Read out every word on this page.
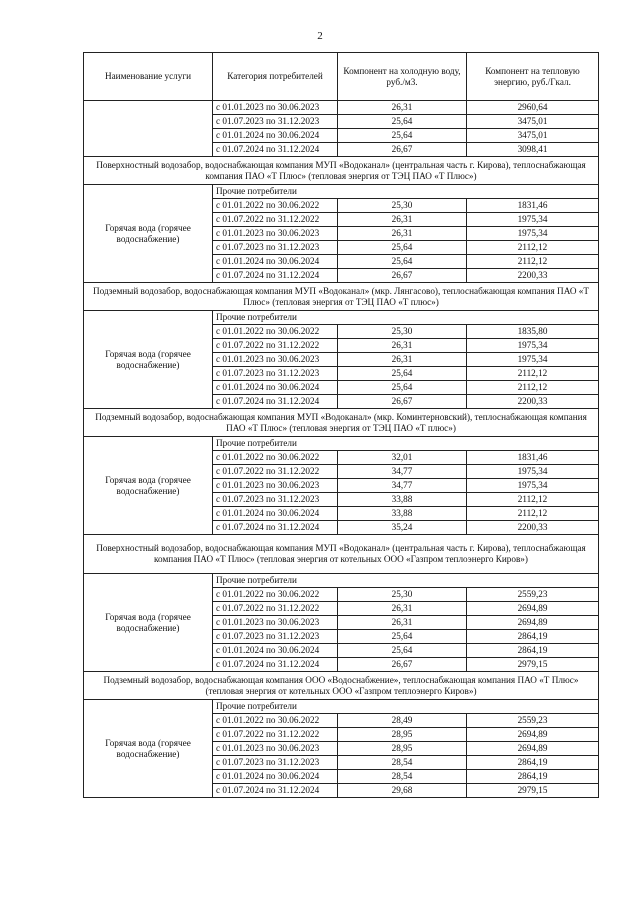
2
Наименование услуги	Категория потребителей	Компонент на холодную воду, руб./м3.	Компонент на тепловую энергию, руб./Гкал.
	с 01.01.2023 по 30.06.2023	26,31	2960,64
	с 01.07.2023 по 31.12.2023	25,64	3475,01
	с 01.01.2024 по 30.06.2024	25,64	3475,01
	с 01.07.2024 по 31.12.2024	26,67	3098,41
Поверхностный водозабор, водоснабжающая компания МУП «Водоканал» (центральная часть г. Кирова), теплоснабжающая компания ПАО «Т Плюс» (тепловая энергия от ТЭЦ ПАО «Т Плюс»)			
Горячая вода (горячее водоснабжение)	Прочие потребители		
	с 01.01.2022 по 30.06.2022	25,30	1831,46
	с 01.07.2022 по 31.12.2022	26,31	1975,34
	с 01.01.2023 по 30.06.2023	26,31	1975,34
	с 01.07.2023 по 31.12.2023	25,64	2112,12
	с 01.01.2024 по 30.06.2024	25,64	2112,12
	с 01.07.2024 по 31.12.2024	26,67	2200,33
Подземный водозабор, водоснабжающая компания МУП «Водоканал» (мкр. Лянгасово), теплоснабжающая компания ПАО «Т Плюс» (тепловая энергия от ТЭЦ ПАО «Т плюс»)			
Горячая вода (горячее водоснабжение)	Прочие потребители		
	с 01.01.2022 по 30.06.2022	25,30	1835,80
	с 01.07.2022 по 31.12.2022	26,31	1975,34
	с 01.01.2023 по 30.06.2023	26,31	1975,34
	с 01.07.2023 по 31.12.2023	25,64	2112,12
	с 01.01.2024 по 30.06.2024	25,64	2112,12
	с 01.07.2024 по 31.12.2024	26,67	2200,33
Подземный водозабор, водоснабжающая компания МУП «Водоканал» (мкр. Коминтерновский), теплоснабжающая компания ПАО «Т Плюс» (тепловая энергия от ТЭЦ ПАО «Т плюс»)			
Горячая вода (горячее водоснабжение)	Прочие потребители		
	с 01.01.2022 по 30.06.2022	32,01	1831,46
	с 01.07.2022 по 31.12.2022	34,77	1975,34
	с 01.01.2023 по 30.06.2023	34,77	1975,34
	с 01.07.2023 по 31.12.2023	33,88	2112,12
	с 01.01.2024 по 30.06.2024	33,88	2112,12
	с 01.07.2024 по 31.12.2024	35,24	2200,33
Поверхностный водозабор, водоснабжающая компания МУП «Водоканал» (центральная часть г. Кирова), теплоснабжающая компания ПАО «Т Плюс» (тепловая энергия от котельных ООО «Газпром теплоэнерго Киров»)			
Горячая вода (горячее водоснабжение)	Прочие потребители		
	с 01.01.2022 по 30.06.2022	25,30	2559,23
	с 01.07.2022 по 31.12.2022	26,31	2694,89
	с 01.01.2023 по 30.06.2023	26,31	2694,89
	с 01.07.2023 по 31.12.2023	25,64	2864,19
	с 01.01.2024 по 30.06.2024	25,64	2864,19
	с 01.07.2024 по 31.12.2024	26,67	2979,15
Подземный водозабор, водоснабжающая компания ООО «Водоснабжение», теплоснабжающая компания ПАО «Т Плюс» (тепловая энергия от котельных ООО «Газпром теплоэнерго Киров»)			
Горячая вода (горячее водоснабжение)	Прочие потребители		
	с 01.01.2022 по 30.06.2022	28,49	2559,23
	с 01.07.2022 по 31.12.2022	28,95	2694,89
	с 01.01.2023 по 30.06.2023	28,95	2694,89
	с 01.07.2023 по 31.12.2023	28,54	2864,19
	с 01.01.2024 по 30.06.2024	28,54	2864,19
	с 01.07.2024 по 31.12.2024	29,68	2979,15
